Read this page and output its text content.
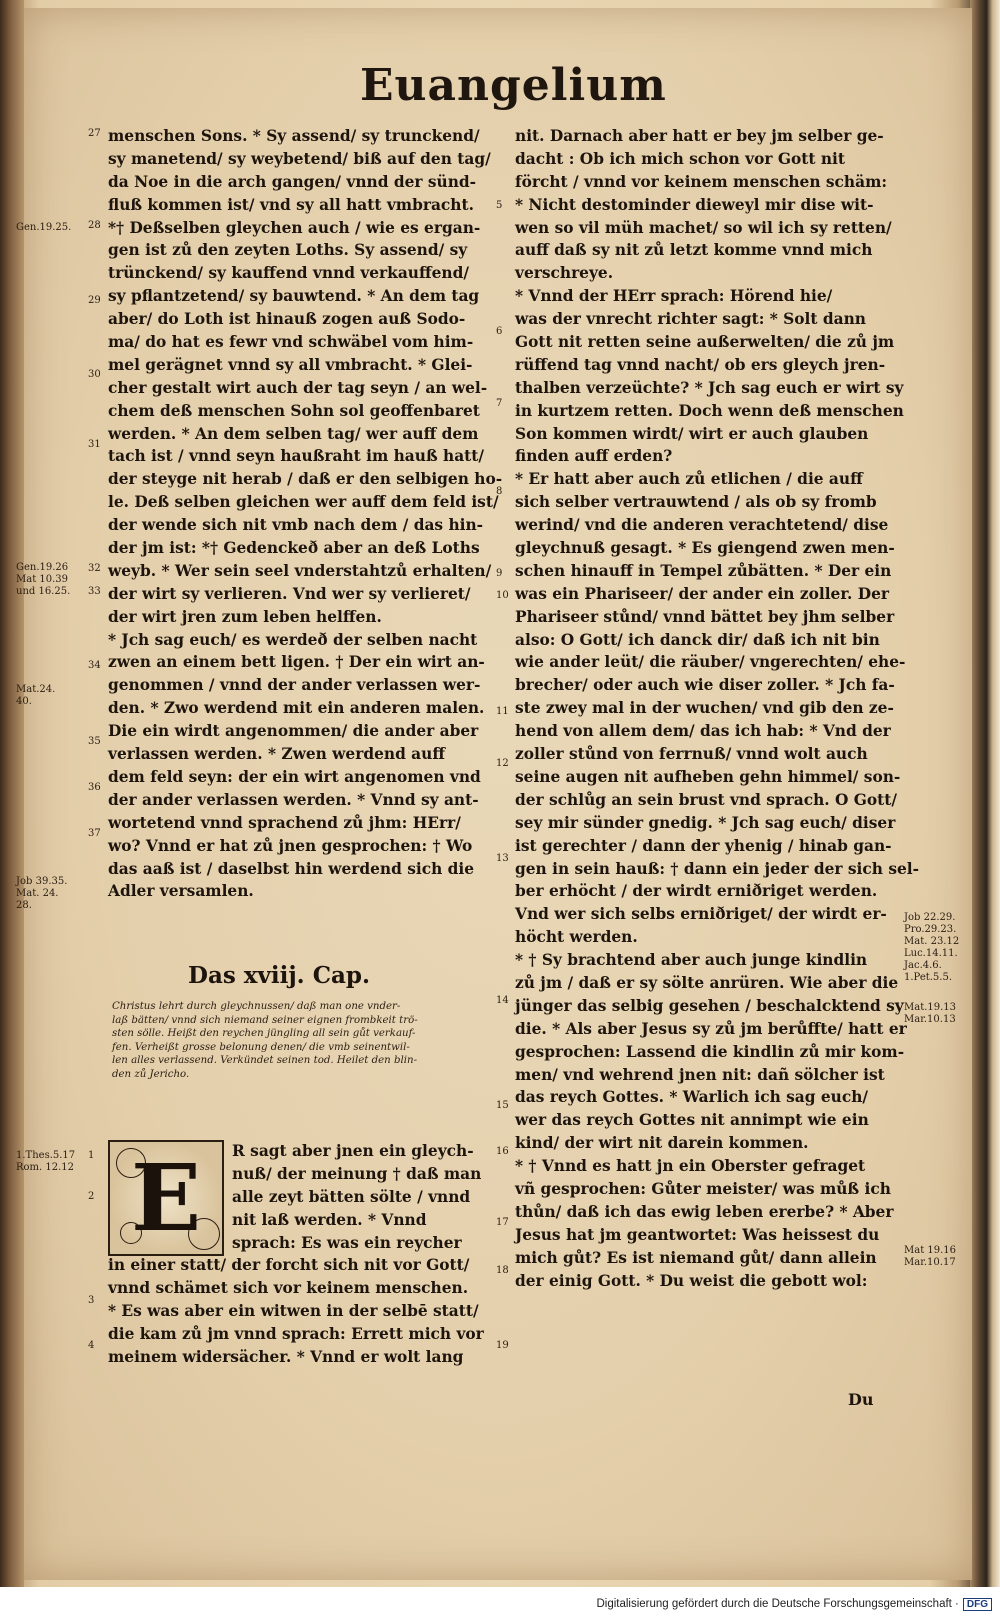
Euangelium
menschen Sons. * Sy assend/ sy trunckend/
sy manetend/ sy weybetend/ biß auf den tag/
da Noe in die arch gangen/ vnnd der sünd-
fluß kommen ist/ vnd sy all hatt vmbracht.
*† Deßselben gleychen auch / wie es ergan-
gen ist zů den zeyten Loths. Sy assend/ sy
trünckend/ sy kauffend vnnd verkauffend/
sy pflantzetend/ sy bauwtend. * An dem tag
aber/ do Loth ist hinauß zogen auß Sodo-
ma/ do hat es fewr vnd schwäbel vom him-
mel gerägnet vnnd sy all vmbracht. * Glei-
cher gestalt wirt auch der tag seyn / an wel-
chem deß menschen Sohn sol geoffenbaret
werden. * An dem selben tag/ wer auff dem
tach ist / vnnd seyn haußraht im hauß hatt/
der steyge nit herab / daß er den selbigen ho-
le. Deß selben gleichen wer auff dem feld ist/
der wende sich nit vmb nach dem / das hin-
der jm ist: *† Gedenckeð aber an deß Loths
weyb. * Wer sein seel vnderstahtzů erhalten/
der wirt sy verlieren. Vnd wer sy verlieret/
der wirt jren zum leben helffen.
* Jch sag euch/ es werdeð der selben nacht
zwen an einem bett ligen. † Der ein wirt an-
genommen / vnnd der ander verlassen wer-
den. * Zwo werdend mit ein anderen malen.
Die ein wirdt angenommen/ die ander aber
verlassen werden. * Zwen werdend auff
dem feld seyn: der ein wirt angenomen vnd
der ander verlassen werden. * Vnnd sy ant-
wortetend vnnd sprachend zů jhm: HErr/
wo? Vnnd er hat zů jnen gesprochen: † Wo
das aaß ist / daselbst hin werdend sich die
Adler versamlen.
nit. Darnach aber hatt er bey jm selber ge-
dacht : Ob ich mich schon vor Gott nit
förcht / vnnd vor keinem menschen schäm:
* Nicht destominder dieweyl mir dise wit-
wen so vil müh machet/ so wil ich sy retten/
auff daß sy nit zů letzt komme vnnd mich
verschreye.
* Vnnd der HErr sprach: Hörend hie/
was der vnrecht richter sagt: * Solt dann
Gott nit retten seine außerwelten/ die zů jm
rüffend tag vnnd nacht/ ob ers gleych jren-
thalben verzeüchte? * Jch sag euch er wirt sy
in kurtzem retten. Doch wenn deß menschen
Son kommen wirdt/ wirt er auch glauben
finden auff erden?
* Er hatt aber auch zů etlichen / die auff
sich selber vertrauwtend / als ob sy fromb
werind/ vnd die anderen verachtetend/ dise
gleychnuß gesagt. * Es giengend zwen men-
schen hinauff in Tempel zůbätten. * Der ein
was ein Phariseer/ der ander ein zoller. Der
Phariseer stůnd/ vnnd bättet bey jhm selber
also: O Gott/ ich danck dir/ daß ich nit bin
wie ander leüt/ die räuber/ vngerechten/ ehe-
brecher/ oder auch wie diser zoller. * Jch fa-
ste zwey mal in der wuchen/ vnd gib den ze-
hend von allem dem/ das ich hab: * Vnd der
zoller stůnd von ferrnuß/ vnnd wolt auch
seine augen nit aufheben gehn himmel/ son-
der schlůg an sein brust vnd sprach. O Gott/
sey mir sünder gnedig. * Jch sag euch/ diser
ist gerechter / dann der yhenig / hinab gan-
gen in sein hauß: † dann ein jeder der sich sel-
ber erhöcht / der wirdt erniðriget werden.
Vnd wer sich selbs erniðriget/ der wirdt er-
höcht werden.
* † Sy brachtend aber auch junge kindlin
zů jm / daß er sy sölte anrüren. Wie aber die
jünger das selbig gesehen / beschalcktend sy
die. * Als aber Jesus sy zů jm berůffte/ hatt er
gesprochen: Lassend die kindlin zů mir kom-
men/ vnd wehrend jnen nit: dañ sölcher ist
das reych Gottes. * Warlich ich sag euch/
wer das reych Gottes nit annimpt wie ein
kind/ der wirt nit darein kommen.
* † Vnnd es hatt jn ein Oberster gefraget
vñ gesprochen: Gůter meister/ was můß ich
thůn/ daß ich das ewig leben ererbe? * Aber
Jesus hat jm geantwortet: Was heissest du
mich gůt? Es ist niemand gůt/ dann allein
der einig Gott. * Du weist die gebott wol:
Das xviij. Cap.
Christus lehrt durch gleychnussen/ daß man one vnder-
laß bätten/ vnnd sich niemand seiner eignen frombkeit trö-
sten sölle. Heißt den reychen jüngling all sein gůt verkauf-
fen. Verheißt grosse belonung denen/ die vmb seinentwil-
len alles verlassend. Verkündet seinen tod. Heilet den blin-
den zů Jericho.
E	R sagt aber jnen ein gleych-
nuß/ der meinung † daß man
alle zeyt bätten sölte / vnnd
nit laß werden. * Vnnd
sprach: Es was ein reycher
in einer statt/ der forcht sich nit vor Gott/
vnnd schämet sich vor keinem menschen.
* Es was aber ein witwen in der selbē statt/
die kam zů jm vnnd sprach: Errett mich vor
meinem widersächer. * Vnnd er wolt lang
Gen.19.25.
Gen.19.26
Mat 10.39
und 16.25.
Mat.24.
40.
Job 39.35.
Mat. 24.
28.
1.Thes.5.17
Rom. 12.12
Job 22.29.
Pro.29.23.
Mat. 23.12
Luc.14.11.
Jac.4.6.
1.Pet.5.5.
Mat.19.13
Mar.10.13
Mat 19.16
Mar.10.17
27
28
29
30
31
32
33
34
35
36
37
1
2
3
4
5
6
7
8
9
10
11
12
13
14
15
16
17
18
19
Du
Digitalisierung gefördert durch die Deutsche Forschungsgemeinschaft · DFG
